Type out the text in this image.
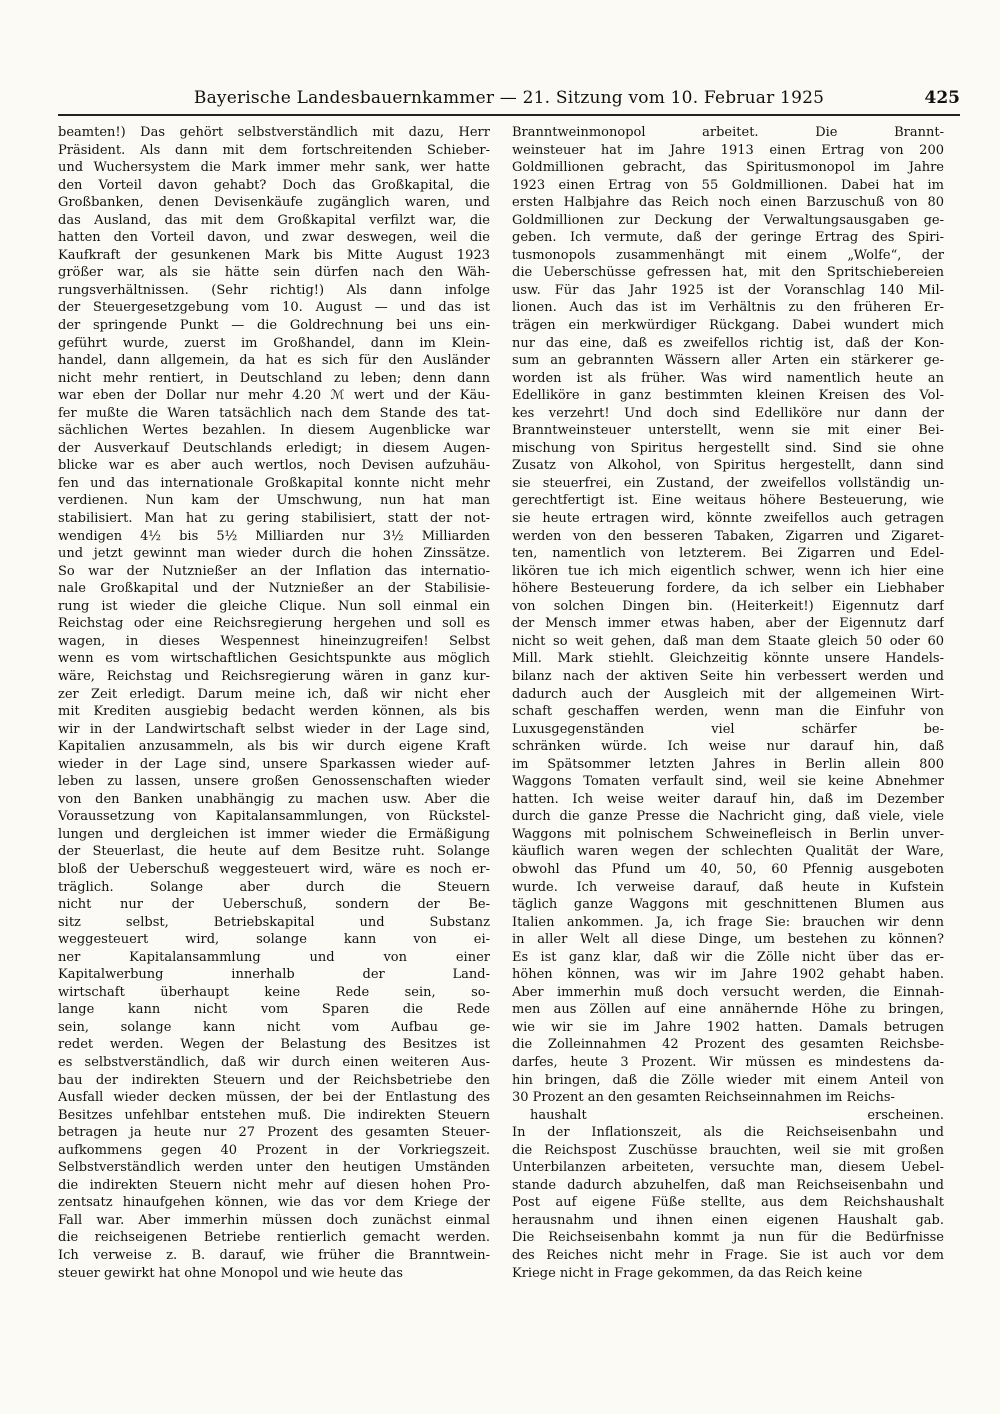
Bayerische Landesbauernkammer — 21. Sitzung vom 10. Februar 1925	425
beamten!) Das gehört selbstverständlich mit dazu, Herr
Präsident. Als dann mit dem fortschreitenden Schieber-
und Wuchersystem die Mark immer mehr sank, wer hatte
den Vorteil davon gehabt? Doch das Großkapital, die
Großbanken, denen Devisenkäufe zugänglich waren, und
das Ausland, das mit dem Großkapital verfilzt war, die
hatten den Vorteil davon, und zwar deswegen, weil die
Kaufkraft der gesunkenen Mark bis Mitte August 1923
größer war, als sie hätte sein dürfen nach den Wäh-
rungsverhältnissen. (Sehr richtig!) Als dann infolge
der Steuergesetzgebung vom 10. August — und das ist
der springende Punkt — die Goldrechnung bei uns ein-
geführt wurde, zuerst im Großhandel, dann im Klein-
handel, dann allgemein, da hat es sich für den Ausländer
nicht mehr rentiert, in Deutschland zu leben; denn dann
war eben der Dollar nur mehr 4.20 ℳ wert und der Käu-
fer mußte die Waren tatsächlich nach dem Stande des tat-
sächlichen Wertes bezahlen. In diesem Augenblicke war
der Ausverkauf Deutschlands erledigt; in diesem Augen-
blicke war es aber auch wertlos, noch Devisen aufzuhäu-
fen und das internationale Großkapital konnte nicht mehr
verdienen. Nun kam der Umschwung, nun hat man
stabilisiert. Man hat zu gering stabilisiert, statt der not-
wendigen 4½ bis 5½ Milliarden nur 3½ Milliarden
und jetzt gewinnt man wieder durch die hohen Zinssätze.
So war der Nutznießer an der Inflation das internatio-
nale Großkapital und der Nutznießer an der Stabilisie-
rung ist wieder die gleiche Clique. Nun soll einmal ein
Reichstag oder eine Reichsregierung hergehen und soll es
wagen, in dieses Wespennest hineinzugreifen! Selbst
wenn es vom wirtschaftlichen Gesichtspunkte aus möglich
wäre, Reichstag und Reichsregierung wären in ganz kur-
zer Zeit erledigt. Darum meine ich, daß wir nicht eher
mit Krediten ausgiebig bedacht werden können, als bis
wir in der Landwirtschaft selbst wieder in der Lage sind,
Kapitalien anzusammeln, als bis wir durch eigene Kraft
wieder in der Lage sind, unsere Sparkassen wieder auf-
leben zu lassen, unsere großen Genossenschaften wieder
von den Banken unabhängig zu machen usw. Aber die
Voraussetzung von Kapitalansammlungen, von Rückstel-
lungen und dergleichen ist immer wieder die Ermäßigung
der Steuerlast, die heute auf dem Besitze ruht. Solange
bloß der Ueberschuß weggesteuert wird, wäre es noch er-
träglich. Solange aber durch die Steuern
nicht nur der Ueberschuß, sondern der Be-
sitz selbst, Betriebskapital und Substanz
weggesteuert wird, solange kann von ei-
ner Kapitalansammlung und von einer
Kapitalwerbung innerhalb der Land-
wirtschaft überhaupt keine Rede sein, so-
lange kann nicht vom Sparen die Rede
sein, solange kann nicht vom Aufbau ge-
redet werden. Wegen der Belastung des Besitzes ist
es selbstverständlich, daß wir durch einen weiteren Aus-
bau der indirekten Steuern und der Reichsbetriebe den
Ausfall wieder decken müssen, der bei der Entlastung des
Besitzes unfehlbar entstehen muß. Die indirekten Steuern
betragen ja heute nur 27 Prozent des gesamten Steuer-
aufkommens gegen 40 Prozent in der Vorkriegszeit.
Selbstverständlich werden unter den heutigen Umständen
die indirekten Steuern nicht mehr auf diesen hohen Pro-
zentsatz hinaufgehen können, wie das vor dem Kriege der
Fall war. Aber immerhin müssen doch zunächst einmal
die reichseigenen Betriebe rentierlich gemacht werden.
Ich verweise z. B. darauf, wie früher die Branntwein-
steuer gewirkt hat ohne Monopol und wie heute das
Branntweinmonopol arbeitet. Die Brannt-
weinsteuer hat im Jahre 1913 einen Ertrag von 200
Goldmillionen gebracht, das Spiritusmonopol im Jahre
1923 einen Ertrag von 55 Goldmillionen. Dabei hat im
ersten Halbjahre das Reich noch einen Barzuschuß von 80
Goldmillionen zur Deckung der Verwaltungsausgaben ge-
geben. Ich vermute, daß der geringe Ertrag des Spiri-
tusmonopols zusammenhängt mit einem „Wolfe“, der
die Ueberschüsse gefressen hat, mit den Spritschiebereien
usw. Für das Jahr 1925 ist der Voranschlag 140 Mil-
lionen. Auch das ist im Verhältnis zu den früheren Er-
trägen ein merkwürdiger Rückgang. Dabei wundert mich
nur das eine, daß es zweifellos richtig ist, daß der Kon-
sum an gebrannten Wässern aller Arten ein stärkerer ge-
worden ist als früher. Was wird namentlich heute an
Edelliköre in ganz bestimmten kleinen Kreisen des Vol-
kes verzehrt! Und doch sind Edelliköre nur dann der
Branntweinsteuer unterstellt, wenn sie mit einer Bei-
mischung von Spiritus hergestellt sind. Sind sie ohne
Zusatz von Alkohol, von Spiritus hergestellt, dann sind
sie steuerfrei, ein Zustand, der zweifellos vollständig un-
gerechtfertigt ist. Eine weitaus höhere Besteuerung, wie
sie heute ertragen wird, könnte zweifellos auch getragen
werden von den besseren Tabaken, Zigarren und Zigaret-
ten, namentlich von letzterem. Bei Zigarren und Edel-
likören tue ich mich eigentlich schwer, wenn ich hier eine
höhere Besteuerung fordere, da ich selber ein Liebhaber
von solchen Dingen bin. (Heiterkeit!) Eigennutz darf
der Mensch immer etwas haben, aber der Eigennutz darf
nicht so weit gehen, daß man dem Staate gleich 50 oder 60
Mill. Mark stiehlt. Gleichzeitig könnte unsere Handels-
bilanz nach der aktiven Seite hin verbessert werden und
dadurch auch der Ausgleich mit der allgemeinen Wirt-
schaft geschaffen werden, wenn man die Einfuhr von
Luxusgegenständen viel schärfer be-
schränken würde. Ich weise nur darauf hin, daß
im Spätsommer letzten Jahres in Berlin allein 800
Waggons Tomaten verfault sind, weil sie keine Abnehmer
hatten. Ich weise weiter darauf hin, daß im Dezember
durch die ganze Presse die Nachricht ging, daß viele, viele
Waggons mit polnischem Schweinefleisch in Berlin unver-
käuflich waren wegen der schlechten Qualität der Ware,
obwohl das Pfund um 40, 50, 60 Pfennig ausgeboten
wurde. Ich verweise darauf, daß heute in Kufstein
täglich ganze Waggons mit geschnittenen Blumen aus
Italien ankommen. Ja, ich frage Sie: brauchen wir denn
in aller Welt all diese Dinge, um bestehen zu können?
Es ist ganz klar, daß wir die Zölle nicht über das er-
höhen können, was wir im Jahre 1902 gehabt haben.
Aber immerhin muß doch versucht werden, die Einnah-
men aus Zöllen auf eine annähernde Höhe zu bringen,
wie wir sie im Jahre 1902 hatten. Damals betrugen
die Zolleinnahmen 42 Prozent des gesamten Reichsbe-
darfes, heute 3 Prozent. Wir müssen es mindestens da-
hin bringen, daß die Zölle wieder mit einem Anteil von
30 Prozent an den gesamten Reichseinnahmen im Reichs-
haushalt erscheinen.
In der Inflationszeit, als die Reichseisenbahn und
die Reichspost Zuschüsse brauchten, weil sie mit großen
Unterbilanzen arbeiteten, versuchte man, diesem Uebel-
stande dadurch abzuhelfen, daß man Reichseisenbahn und
Post auf eigene Füße stellte, aus dem Reichshaushalt
herausnahm und ihnen einen eigenen Haushalt gab.
Die Reichseisenbahn kommt ja nun für die Bedürfnisse
des Reiches nicht mehr in Frage. Sie ist auch vor dem
Kriege nicht in Frage gekommen, da das Reich keine
